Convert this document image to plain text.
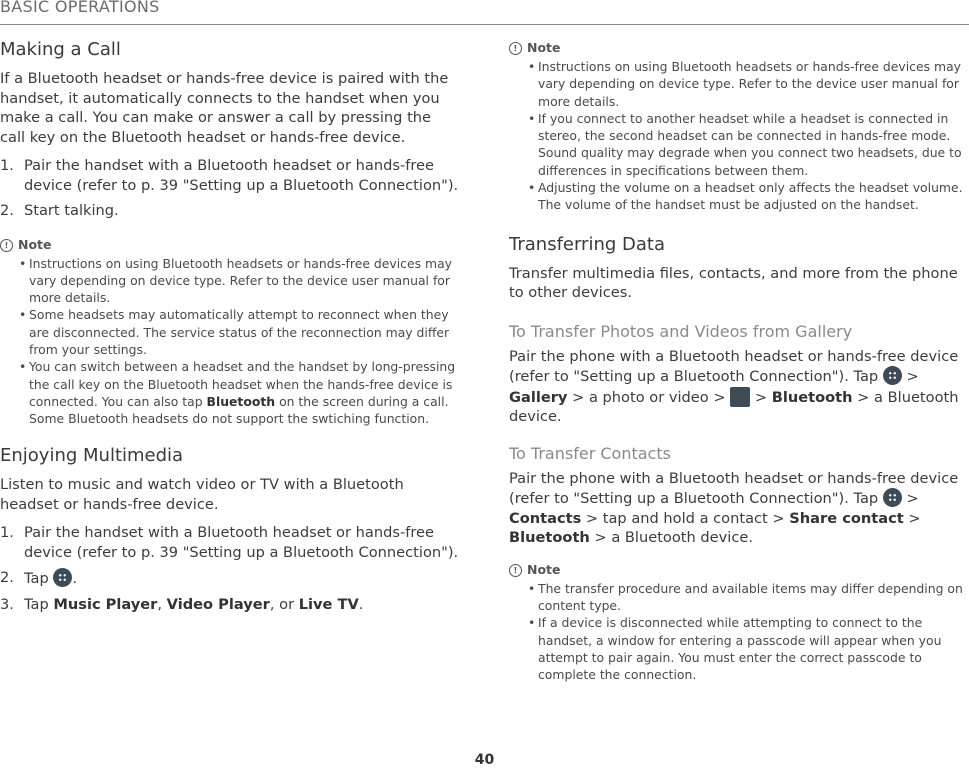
BASIC OPERATIONS
Making a Call

If a Bluetooth headset or hands-free device is paired with the handset, it automatically connects to the handset when you make a call. You can make or answer a call by pressing the call key on the Bluetooth headset or hands-free device.

1. Pair the handset with a Bluetooth headset or hands-free device (refer to p. 39 "Setting up a Bluetooth Connection").
2. Start talking.
! Note
• Instructions on using Bluetooth headsets or hands-free devices may vary depending on device type. Refer to the device user manual for more details.
• Some headsets may automatically attempt to reconnect when they are disconnected. The service status of the reconnection may differ from your settings.
• You can switch between a headset and the handset by long-pressing the call key on the Bluetooth headset when the hands-free device is connected. You can also tap Bluetooth on the screen during a call. Some Bluetooth headsets do not support the swtiching function.
Enjoying Multimedia

Listen to music and watch video or TV with a Bluetooth headset or hands-free device.

1. Pair the handset with a Bluetooth headset or hands-free device (refer to p. 39 "Setting up a Bluetooth Connection").
2. Tap .
3. Tap Music Player, Video Player, or Live TV.
! Note
• Instructions on using Bluetooth headsets or hands-free devices may vary depending on device type. Refer to the device user manual for more details.
• If you connect to another headset while a headset is connected in stereo, the second headset can be connected in hands-free mode. Sound quality may degrade when you connect two headsets, due to differences in specifications between them.
• Adjusting the volume on a headset only affects the headset volume. The volume of the handset must be adjusted on the handset.
Transferring Data

Transfer multimedia files, contacts, and more from the phone to other devices.

To Transfer Photos and Videos from Gallery

Pair the phone with a Bluetooth headset or hands-free device (refer to "Setting up a Bluetooth Connection"). Tap
> Gallery > a photo or video >  > Bluetooth > a Bluetooth device.

To Transfer Contacts

Pair the phone with a Bluetooth headset or hands-free device (refer to "Setting up a Bluetooth Connection"). Tap
> Contacts > tap and hold a contact > Share contact > Bluetooth > a Bluetooth device.

! Note
• The transfer procedure and available items may differ depending on content type.
• If a device is disconnected while attempting to connect to the handset, a window for entering a passcode will appear when you attempt to pair again. You must enter the correct passcode to complete the connection.
40
